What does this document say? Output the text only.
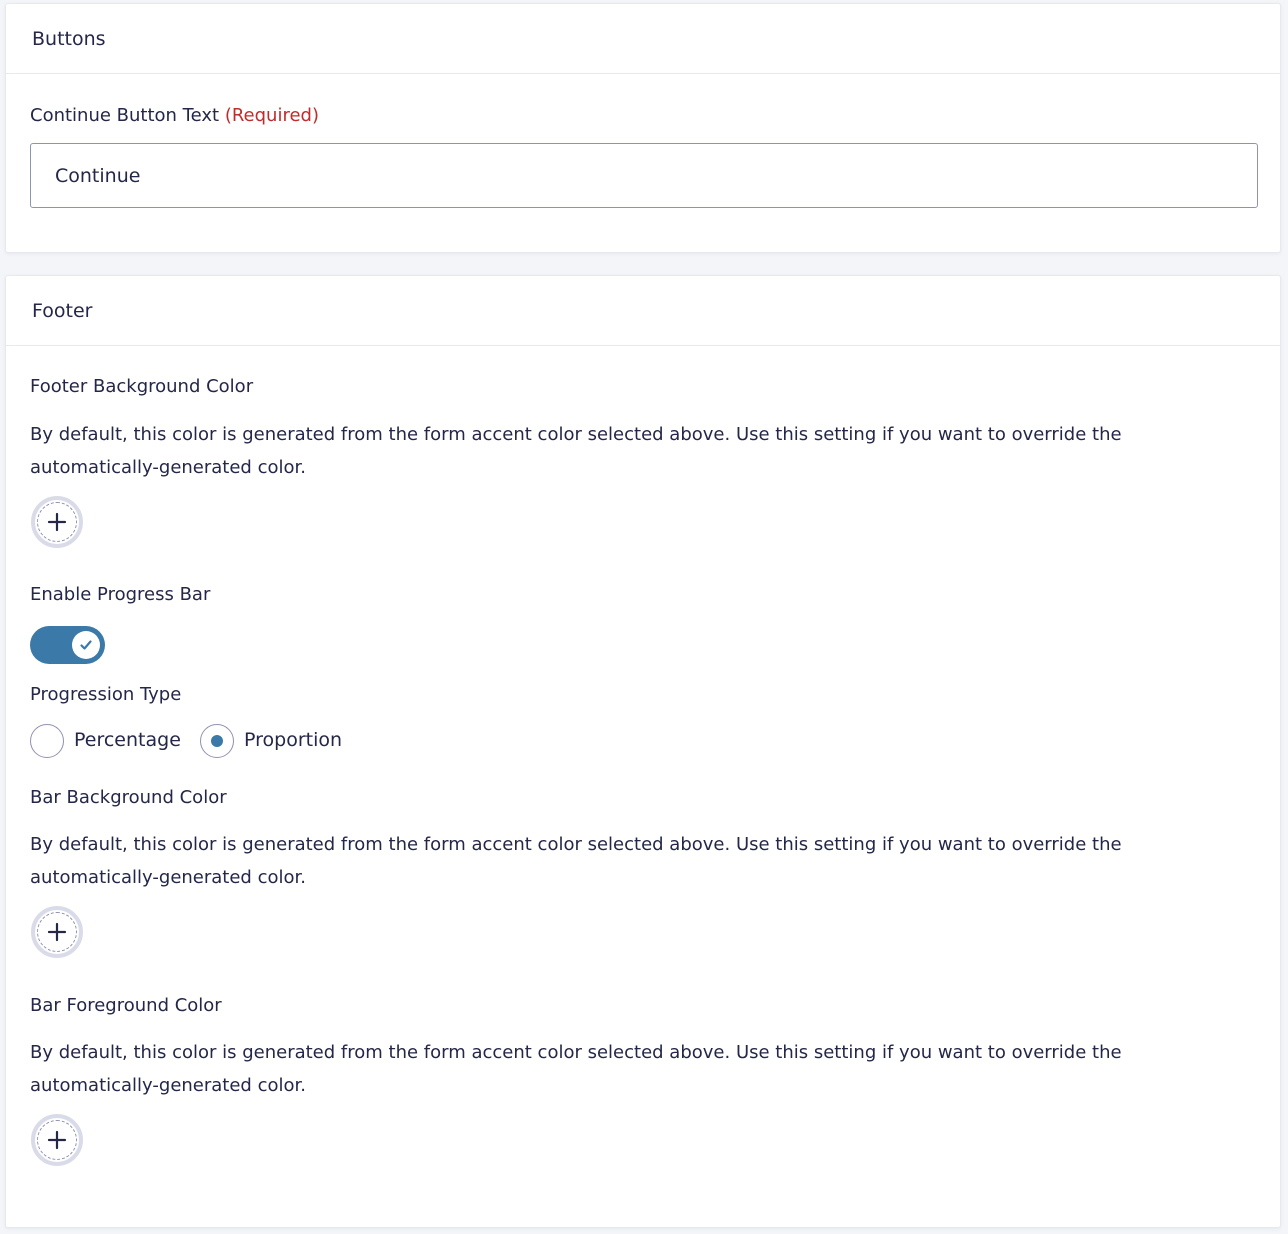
Buttons
Continue Button Text (Required)
Continue
Footer
Footer Background Color
By default, this color is generated from the form accent color selected above. Use this setting if you want to override the automatically-generated color.
Enable Progress Bar
Progression Type
Percentage	Proportion
Bar Background Color
By default, this color is generated from the form accent color selected above. Use this setting if you want to override the automatically-generated color.
Bar Foreground Color
By default, this color is generated from the form accent color selected above. Use this setting if you want to override the automatically-generated color.
